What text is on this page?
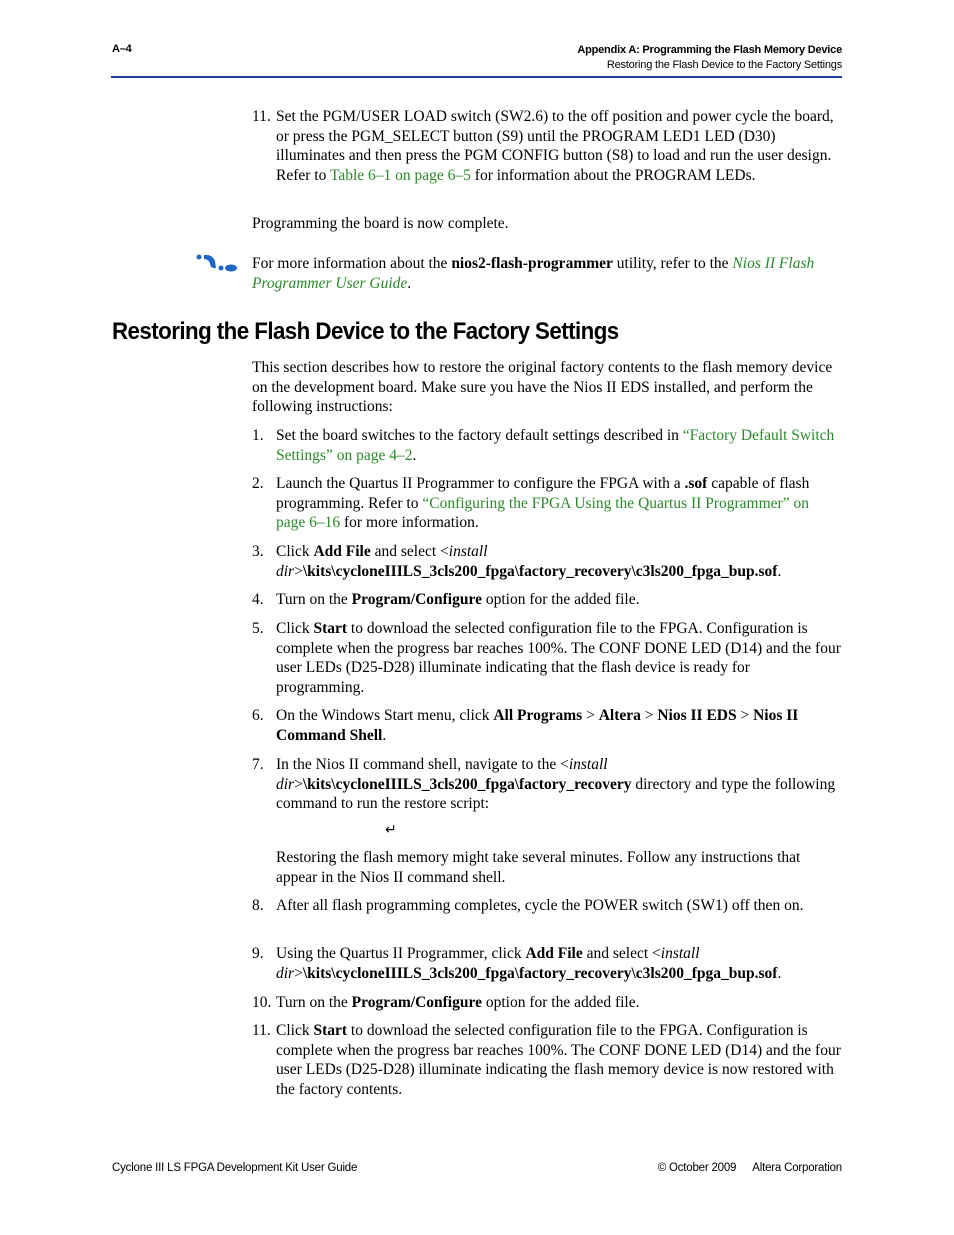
A–4	Appendix A: Programming the Flash Memory Device
Restoring the Flash Device to the Factory Settings
11. Set the PGM/USER LOAD switch (SW2.6) to the off position and power cycle the board, or press the PGM_SELECT button (S9) until the PROGRAM LED1 LED (D30) illuminates and then press the PGM CONFIG button (S8) to load and run the user design. Refer to Table 6–1 on page 6–5 for information about the PROGRAM LEDs.
Programming the board is now complete.
For more information about the nios2-flash-programmer utility, refer to the Nios II Flash Programmer User Guide.
Restoring the Flash Device to the Factory Settings
This section describes how to restore the original factory contents to the flash memory device on the development board. Make sure you have the Nios II EDS installed, and perform the following instructions:
1. Set the board switches to the factory default settings described in “Factory Default Switch Settings” on page 4–2.
2. Launch the Quartus II Programmer to configure the FPGA with a .sof capable of flash programming. Refer to “Configuring the FPGA Using the Quartus II Programmer” on page 6–16 for more information.
3. Click Add File and select <install dir>\kits\cycloneIIILS_3cls200_fpga\factory_recovery\c3ls200_fpga_bup.sof.
4. Turn on the Program/Configure option for the added file.
5. Click Start to download the selected configuration file to the FPGA. Configuration is complete when the progress bar reaches 100%. The CONF DONE LED (D14) and the four user LEDs (D25-D28) illuminate indicating that the flash device is ready for programming.
6. On the Windows Start menu, click All Programs > Altera > Nios II EDS > Nios II Command Shell.
7. In the Nios II command shell, navigate to the <install dir>\kits\cycloneIIILS_3cls200_fpga\factory_recovery directory and type the following command to run the restore script:
↵
Restoring the flash memory might take several minutes. Follow any instructions that appear in the Nios II command shell.
8. After all flash programming completes, cycle the POWER switch (SW1) off then on.
9. Using the Quartus II Programmer, click Add File and select <install dir>\kits\cycloneIIILS_3cls200_fpga\factory_recovery\c3ls200_fpga_bup.sof.
10. Turn on the Program/Configure option for the added file.
11. Click Start to download the selected configuration file to the FPGA. Configuration is complete when the progress bar reaches 100%. The CONF DONE LED (D14) and the four user LEDs (D25-D28) illuminate indicating the flash memory device is now restored with the factory contents.
Cyclone III LS FPGA Development Kit User Guide	© October 2009 Altera Corporation
